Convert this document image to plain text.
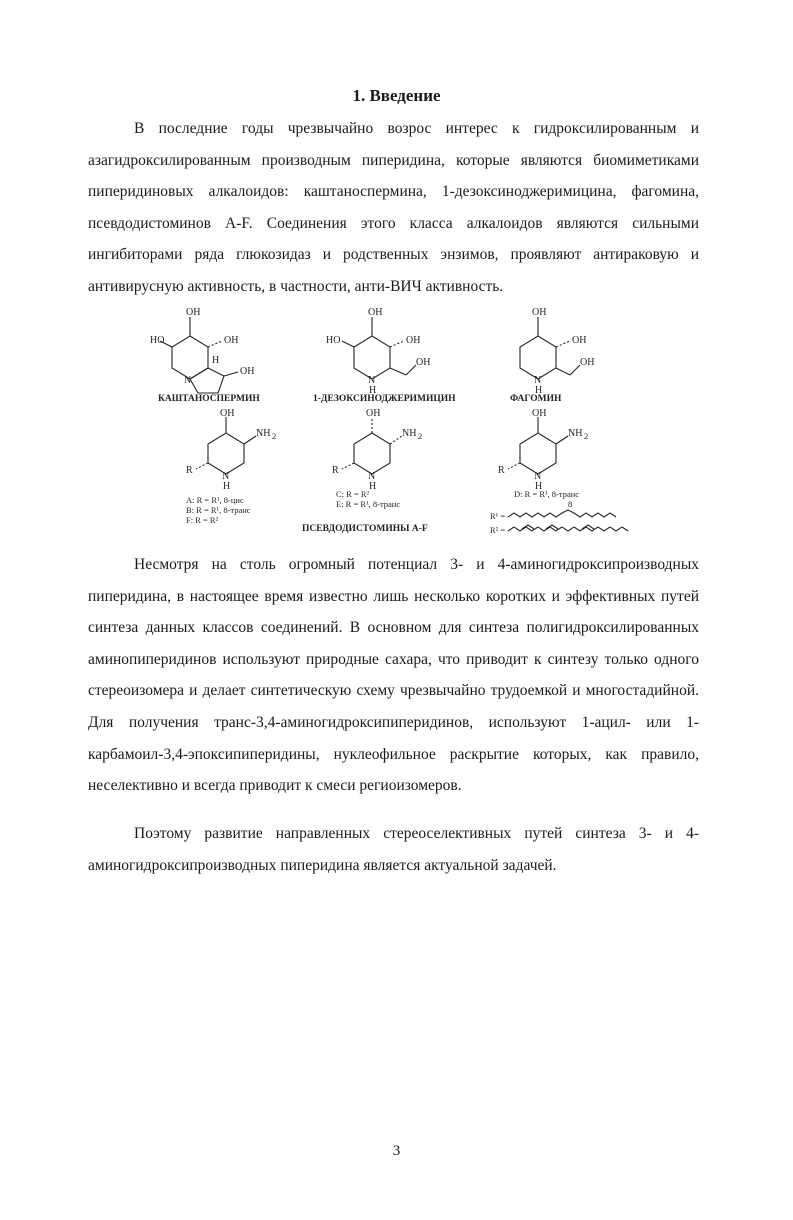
1. Введение

В последние годы чрезвычайно возрос интерес к гидроксилированным и азагидроксилированным производным пиперидина, которые являются биомиметиками пиперидиновых алкалоидов: каштаноспермина, 1-дезоксиноджеримицина, фагомина, псевдодистоминов A-F. Соединения этого класса алкалоидов являются сильными ингибиторами ряда глюкозидаз и родственных энзимов, проявляют антираковую и антивирусную активность, в частности, анти-ВИЧ активность.

OH
HO	OH
H
N
OH
КАШТАНОСПЕРМИН
OH
HO	OH
N
H
OH
1-ДЕЗОКСИНОДЖЕРИМИЦИН
OH
OH
N
H
OH
ФАГОМИН
OH
NH 2
R
N
H
A: R = R¹, 8-цис
B: R = R¹, 8-транс
F: R = R²
OH
NH 2
R
N
H
C: R = R²
E: R = R¹, 8-транс
ПСЕВДОДИСТОМИНЫ A-F
OH
NH 2
R
N
H
D: R = R¹, 8-транс
R¹ =
8
R² =

Несмотря на столь огромный потенциал 3- и 4-аминогидроксипроизводных пиперидина, в настоящее время известно лишь несколько коротких и эффективных путей синтеза данных классов соединений. В основном для синтеза полигидроксилированных аминопиперидинов используют природные сахара, что приводит к синтезу только одного стереоизомера и делает синтетическую схему чрезвычайно трудоемкой и многостадийной. Для получения транс-3,4-аминогидроксипиперидинов, используют 1-ацил- или 1-карбамоил-3,4-эпоксипиперидины, нуклеофильное раскрытие которых, как правило, неселективно и всегда приводит к смеси региоизомеров.

Поэтому развитие направленных стереоселективных путей синтеза 3- и 4-аминогидроксипроизводных пиперидина является актуальной задачей.

3
